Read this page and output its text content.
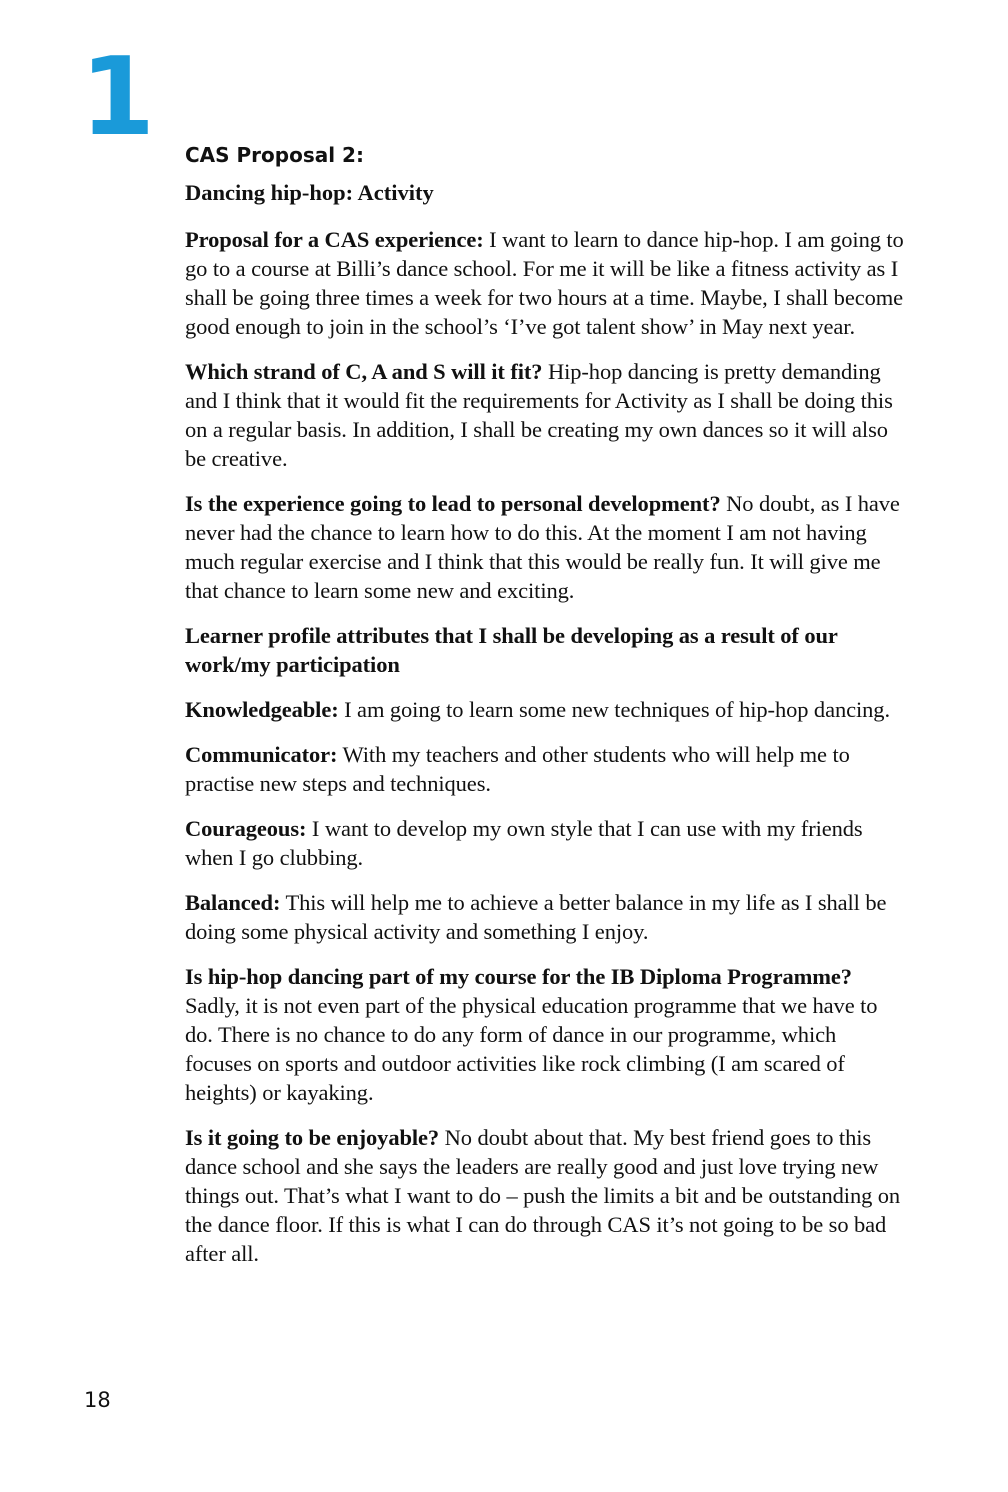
1 CAS Proposal 2:

Dancing hip-hop: Activity

Proposal for a CAS experience: I want to learn to dance hip-hop. I am going to go to a course at Billi’s dance school. For me it will be like a fitness activity as I shall be going three times a week for two hours at a time. Maybe, I shall become good enough to join in the school’s ‘I’ve got talent show’ in May next year.

Which strand of C, A and S will it fit? Hip-hop dancing is pretty demanding and I think that it would fit the requirements for Activity as I shall be doing this on a regular basis. In addition, I shall be creating my own dances so it will also be creative.

Is the experience going to lead to personal development? No doubt, as I have never had the chance to learn how to do this. At the moment I am not having much regular exercise and I think that this would be really fun. It will give me that chance to learn some new and exciting.

Learner profile attributes that I shall be developing as a result of our work/my participation

Knowledgeable: I am going to learn some new techniques of hip-hop dancing.

Communicator: With my teachers and other students who will help me to practise new steps and techniques.

Courageous: I want to develop my own style that I can use with my friends when I go clubbing.

Balanced: This will help me to achieve a better balance in my life as I shall be doing some physical activity and something I enjoy.

Is hip-hop dancing part of my course for the IB Diploma Programme? Sadly, it is not even part of the physical education programme that we have to do. There is no chance to do any form of dance in our programme, which focuses on sports and outdoor activities like rock climbing (I am scared of heights) or kayaking.

Is it going to be enjoyable? No doubt about that. My best friend goes to this dance school and she says the leaders are really good and just love trying new things out. That’s what I want to do – push the limits a bit and be outstanding on the dance floor. If this is what I can do through CAS it’s not going to be so bad after all.

18
